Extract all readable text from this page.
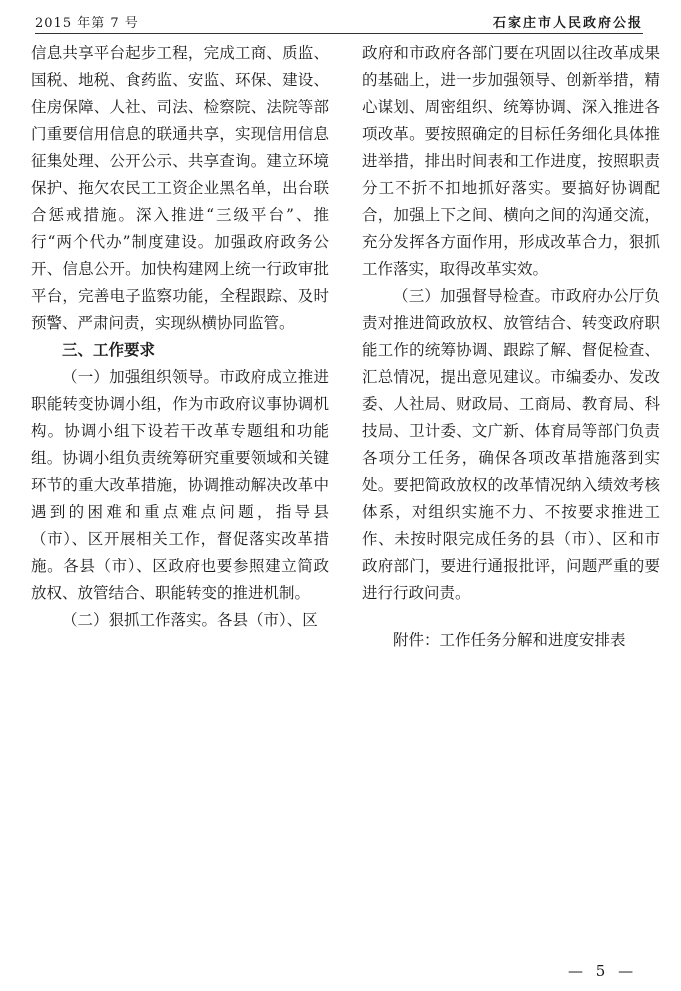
2015 年第 7 号	石家庄市人民政府公报

信息共享平台起步工程，完成工商、质监、国税、地税、食药监、安监、环保、建设、住房保障、人社、司法、检察院、法院等部门重要信用信息的联通共享，实现信用信息征集处理、公开公示、共享查询。建立环境保护、拖欠农民工工资企业黑名单，出台联合惩戒措施。深入推进“三级平台”、推行“两个代办”制度建设。加强政府政务公开、信息公开。加快构建网上统一行政审批平台，完善电子监察功能，全程跟踪、及时预警、严肃问责，实现纵横协同监管。

三、工作要求

（一）加强组织领导。市政府成立推进职能转变协调小组，作为市政府议事协调机构。协调小组下设若干改革专题组和功能组。协调小组负责统筹研究重要领域和关键环节的重大改革措施，协调推动解决改革中遇到的困难和重点难点问题，指导县（市）、区开展相关工作，督促落实改革措施。各县（市）、区政府也要参照建立简政放权、放管结合、职能转变的推进机制。

（二）狠抓工作落实。各县（市）、区

政府和市政府各部门要在巩固以往改革成果的基础上，进一步加强领导、创新举措，精心谋划、周密组织、统筹协调、深入推进各项改革。要按照确定的目标任务细化具体推进举措，排出时间表和工作进度，按照职责分工不折不扣地抓好落实。要搞好协调配合，加强上下之间、横向之间的沟通交流，充分发挥各方面作用，形成改革合力，狠抓工作落实，取得改革实效。

（三）加强督导检查。市政府办公厅负责对推进简政放权、放管结合、转变政府职能工作的统筹协调、跟踪了解、督促检查、汇总情况，提出意见建议。市编委办、发改委、人社局、财政局、工商局、教育局、科技局、卫计委、文广新、体育局等部门负责各项分工任务，确保各项改革措施落到实处。要把简政放权的改革情况纳入绩效考核体系，对组织实施不力、不按要求推进工作、未按时限完成任务的县（市）、区和市政府部门，要进行通报批评，问题严重的要进行行政问责。

附件：工作任务分解和进度安排表

— 5 —
